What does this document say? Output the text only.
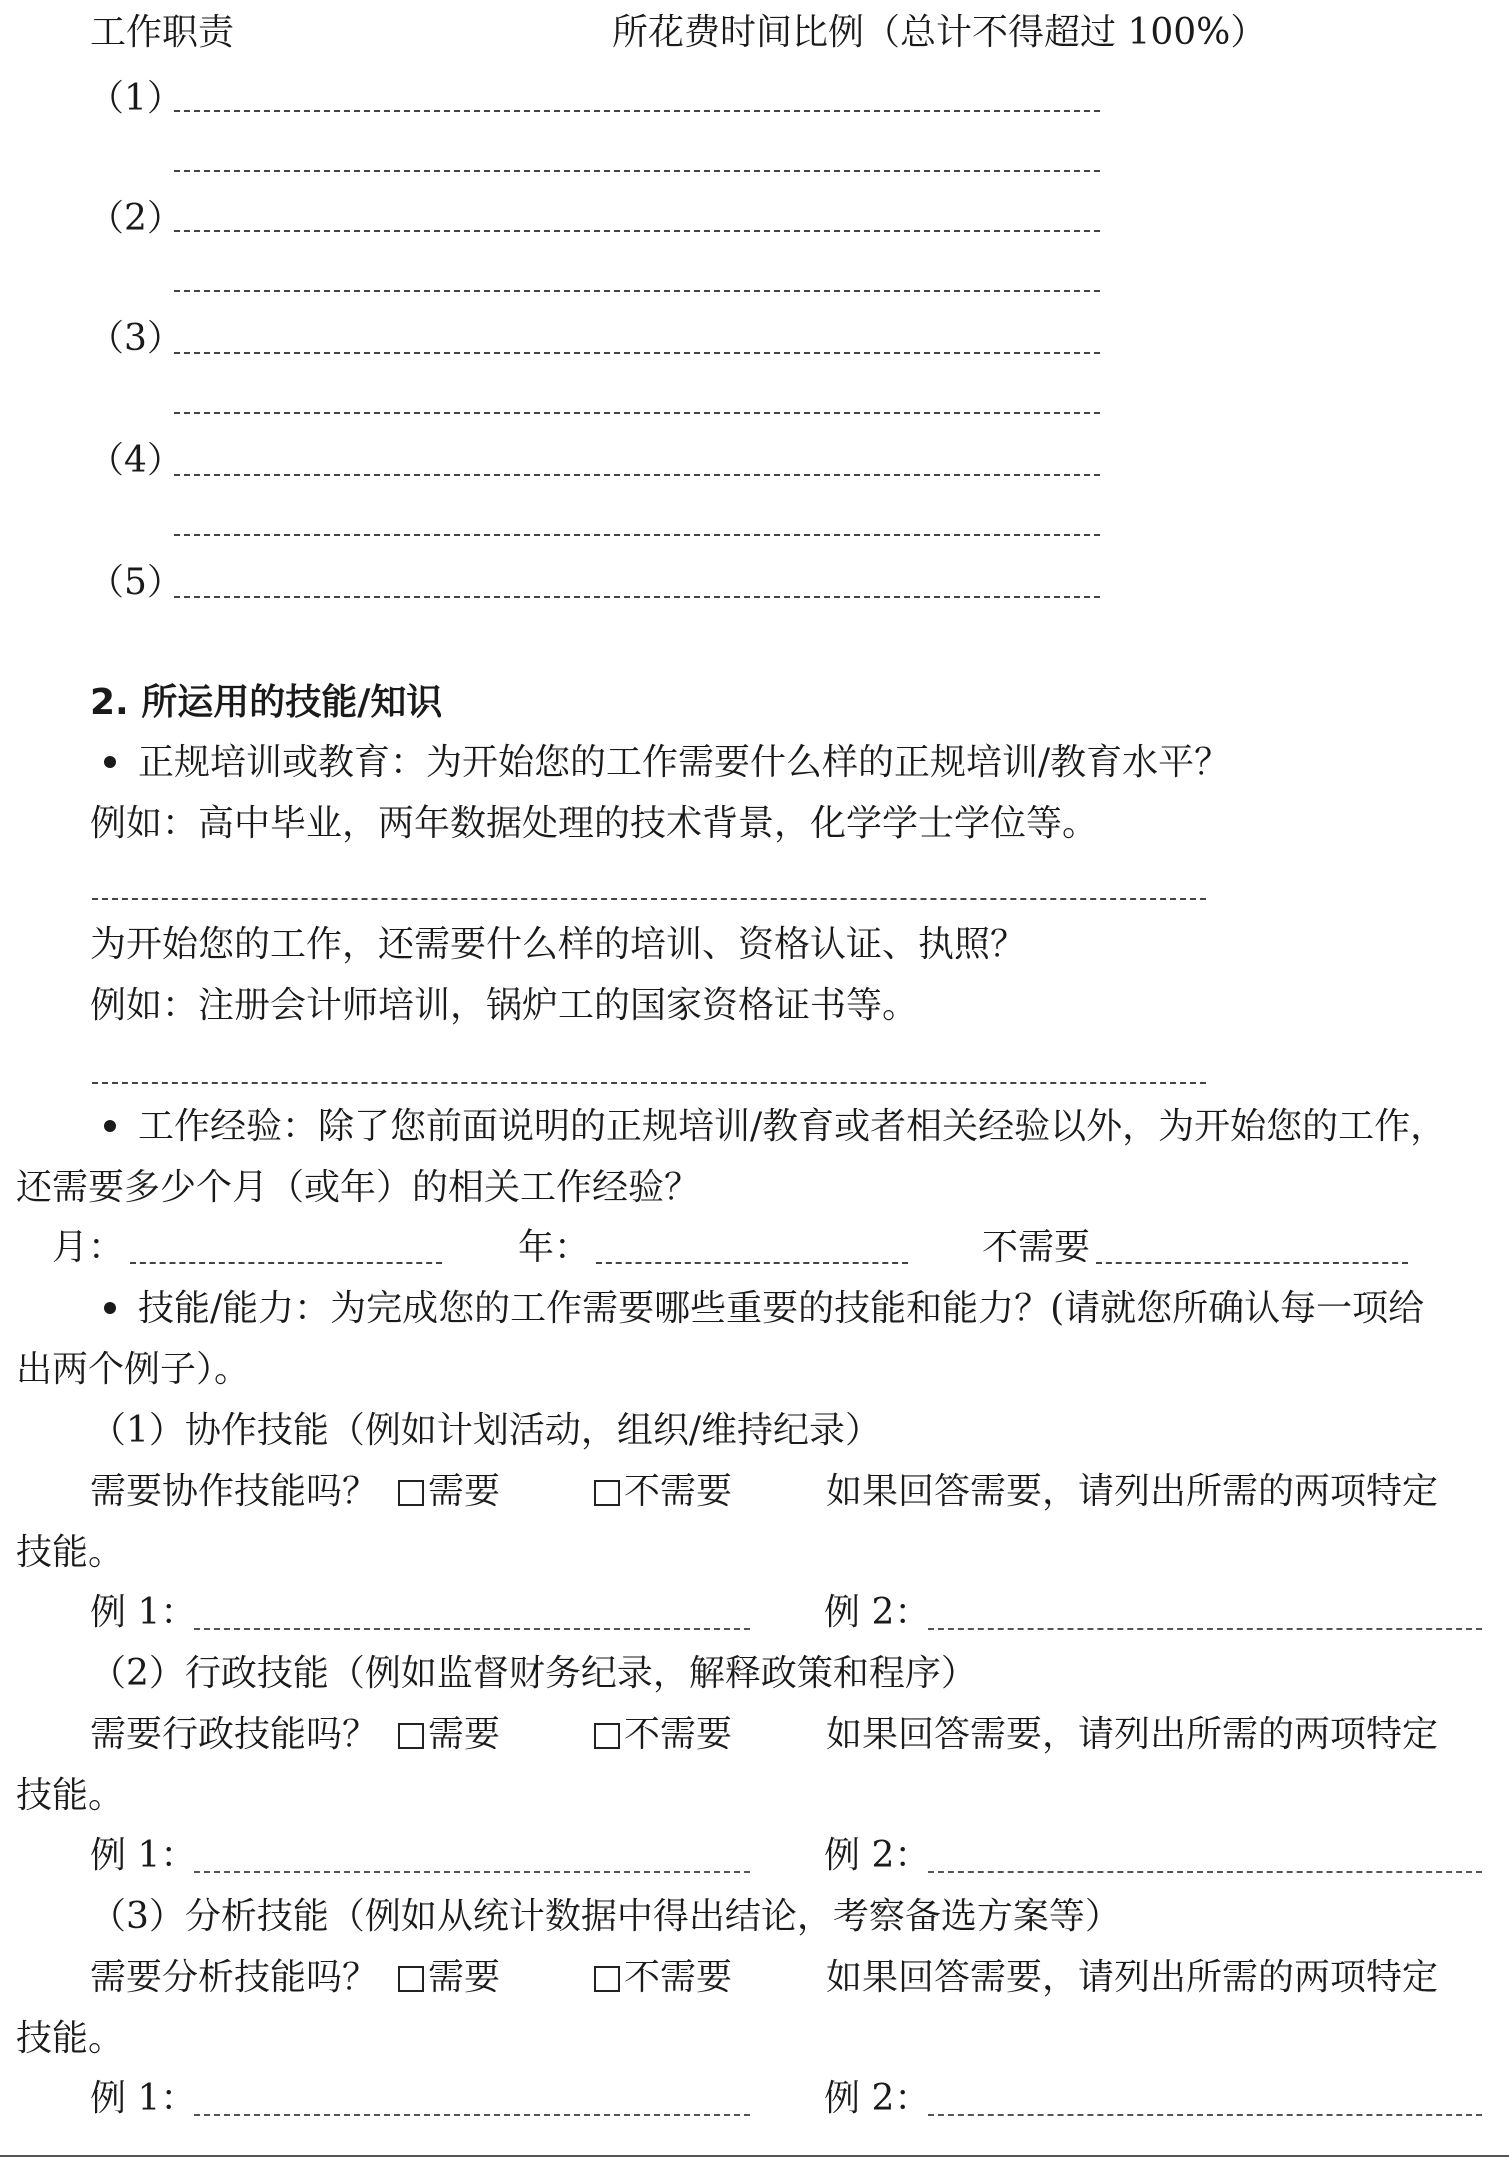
工作职责	所花费时间比例（总计不得超过 100%）
（1）
（2）
（3）
（4）
（5）
2. 所运用的技能/知识
正规培训或教育：为开始您的工作需要什么样的正规培训/教育水平？
例如：高中毕业，两年数据处理的技术背景，化学学士学位等。
为开始您的工作，还需要什么样的培训、资格认证、执照？
例如：注册会计师培训，锅炉工的国家资格证书等。
工作经验：除了您前面说明的正规培训/教育或者相关经验以外，为开始您的工作，
还需要多少个月（或年）的相关工作经验？
月：	年：	不需要
技能/能力：为完成您的工作需要哪些重要的技能和能力？(请就您所确认每一项给
出两个例子）。
（1）协作技能（例如计划活动，组织/维持纪录）
需要协作技能吗？	需要	不需要	如果回答需要，请列出所需的两项特定
技能。
例 1：	例 2：
（2）行政技能（例如监督财务纪录，解释政策和程序）
需要行政技能吗？	需要	不需要	如果回答需要，请列出所需的两项特定
技能。
例 1：	例 2：
（3）分析技能（例如从统计数据中得出结论，考察备选方案等）
需要分析技能吗？	需要	不需要	如果回答需要，请列出所需的两项特定
技能。
例 1：	例 2：
